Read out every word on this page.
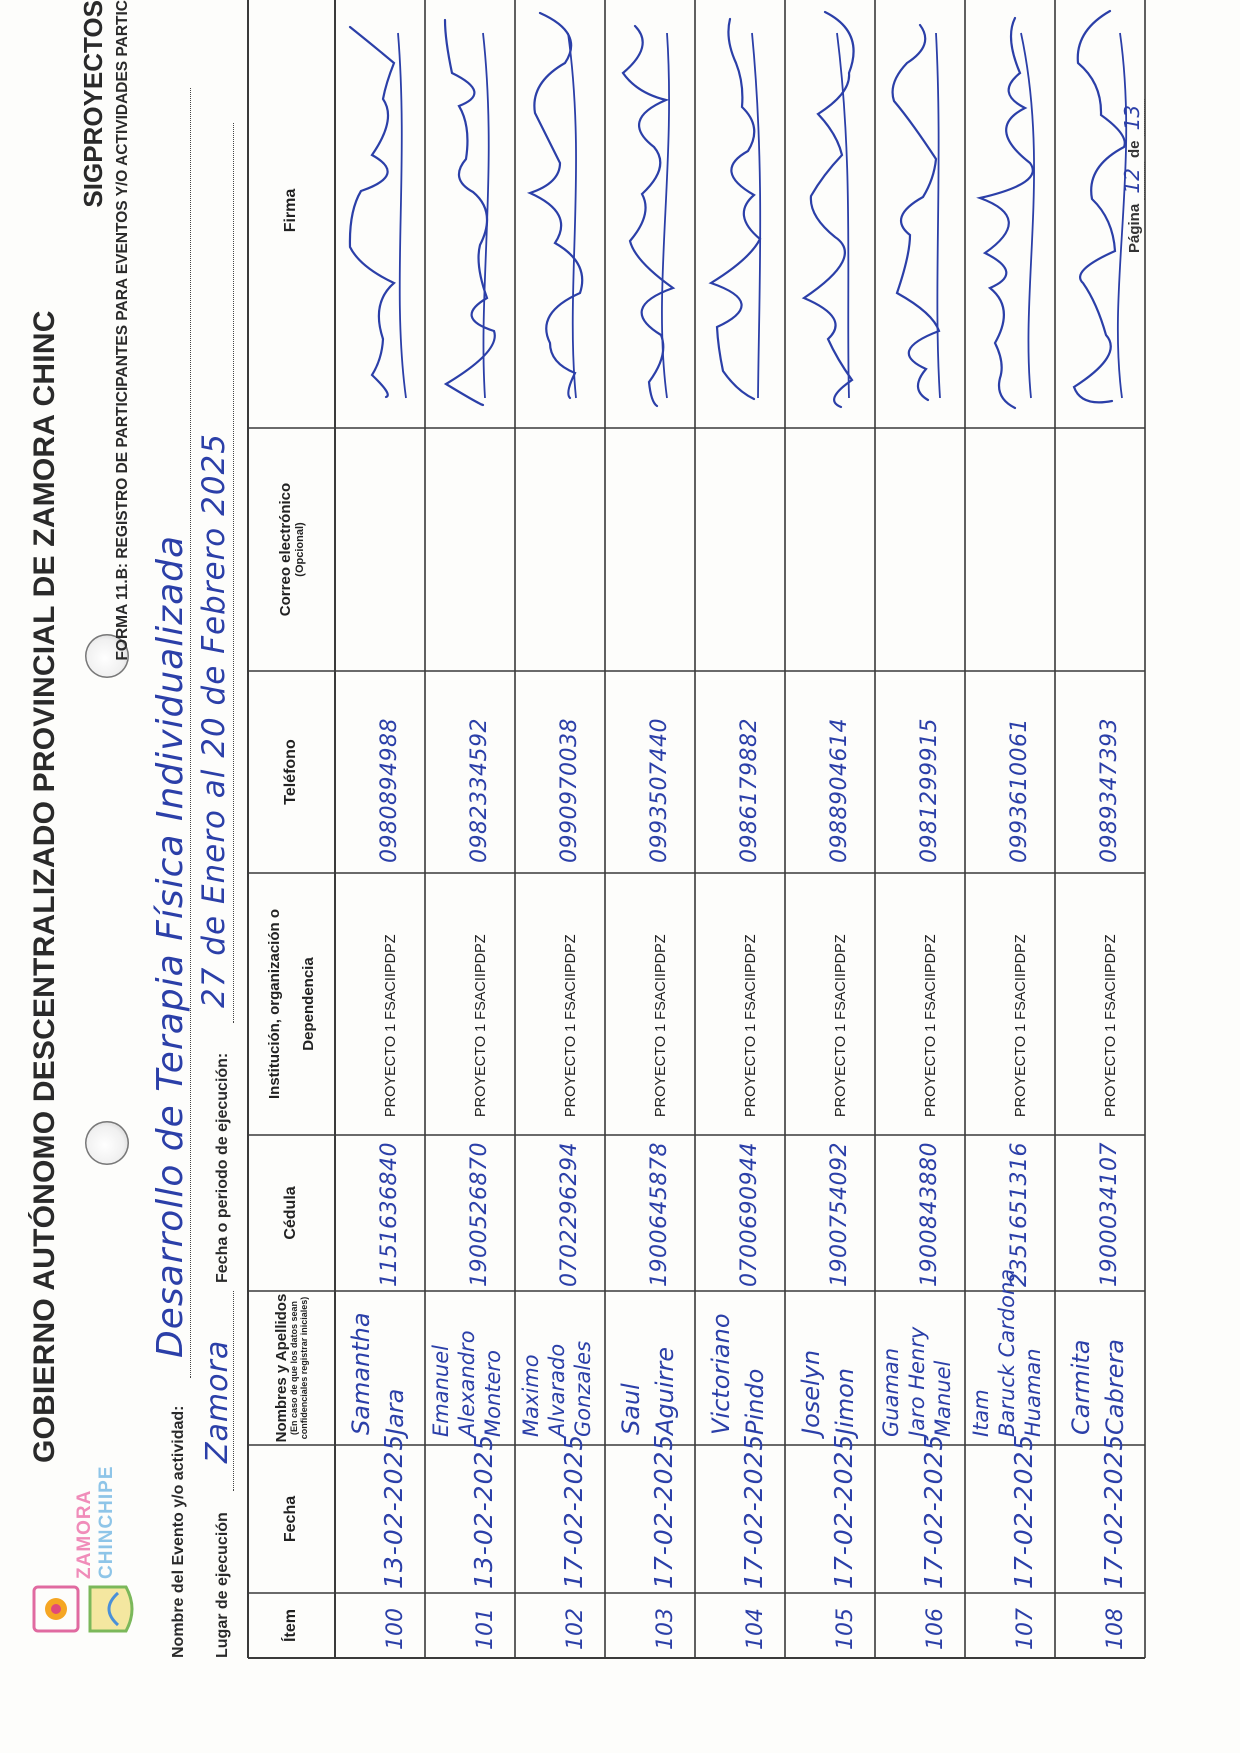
ZAMORA CHINCHIPE
GOBIERNO AUTÓNOMO DESCENTRALIZADO PROVINCIAL DE ZAMORA CHINC
SIGPROYECTOS FORMA 11.B: REGISTRO DE PARTICIPANTES PARA EVENTOS Y/O ACTIVIDADES PARTIC
Nombre del Evento y/o actividad:
Desarrollo de Terapia Física Individualizada
Lugar de ejecución
Zamora
Fecha o periodo de ejecución:
27 de Enero al 20 de Febrero 2025
Ítem
Fecha
Nombres y Apellidos (En caso de que los datos sean
confidenciales registrar iniciales)
Cédula
Institución, organización o Dependencia
Teléfono
Correo electrónico (Opcional)
Firma
100
13-02-2025
Samantha Jara
1151636840
PROYECTO 1 FSACIIPDPZ
0980894988
101
13-02-2025
Emanuel Alexandro Montero
1900526870
PROYECTO 1 FSACIIPDPZ
0982334592
102
17-02-2025
Maximo Alvarado Gonzales
0702296294
PROYECTO 1 FSACIIPDPZ
0990970038
103
17-02-2025
Saul Aguirre
1900645878
PROYECTO 1 FSACIIPDPZ
0993507440
104
17-02-2025
Victoriano Pindo
0700690944
PROYECTO 1 FSACIIPDPZ
0986179882
105
17-02-2025
Joselyn Jimon
1900754092
PROYECTO 1 FSACIIPDPZ
0988904614
106
17-02-2025
Guaman Jaro Henry Manuel
1900843880
PROYECTO 1 FSACIIPDPZ
0981299915
107
17-02-2025
Itam Baruck Cardona Huaman
2351651316
PROYECTO 1 FSACIIPDPZ
0993610061
108
17-02-2025
Carmita Cabrera
1900034107
PROYECTO 1 FSACIIPDPZ
0989347393
Página 12 de 13
